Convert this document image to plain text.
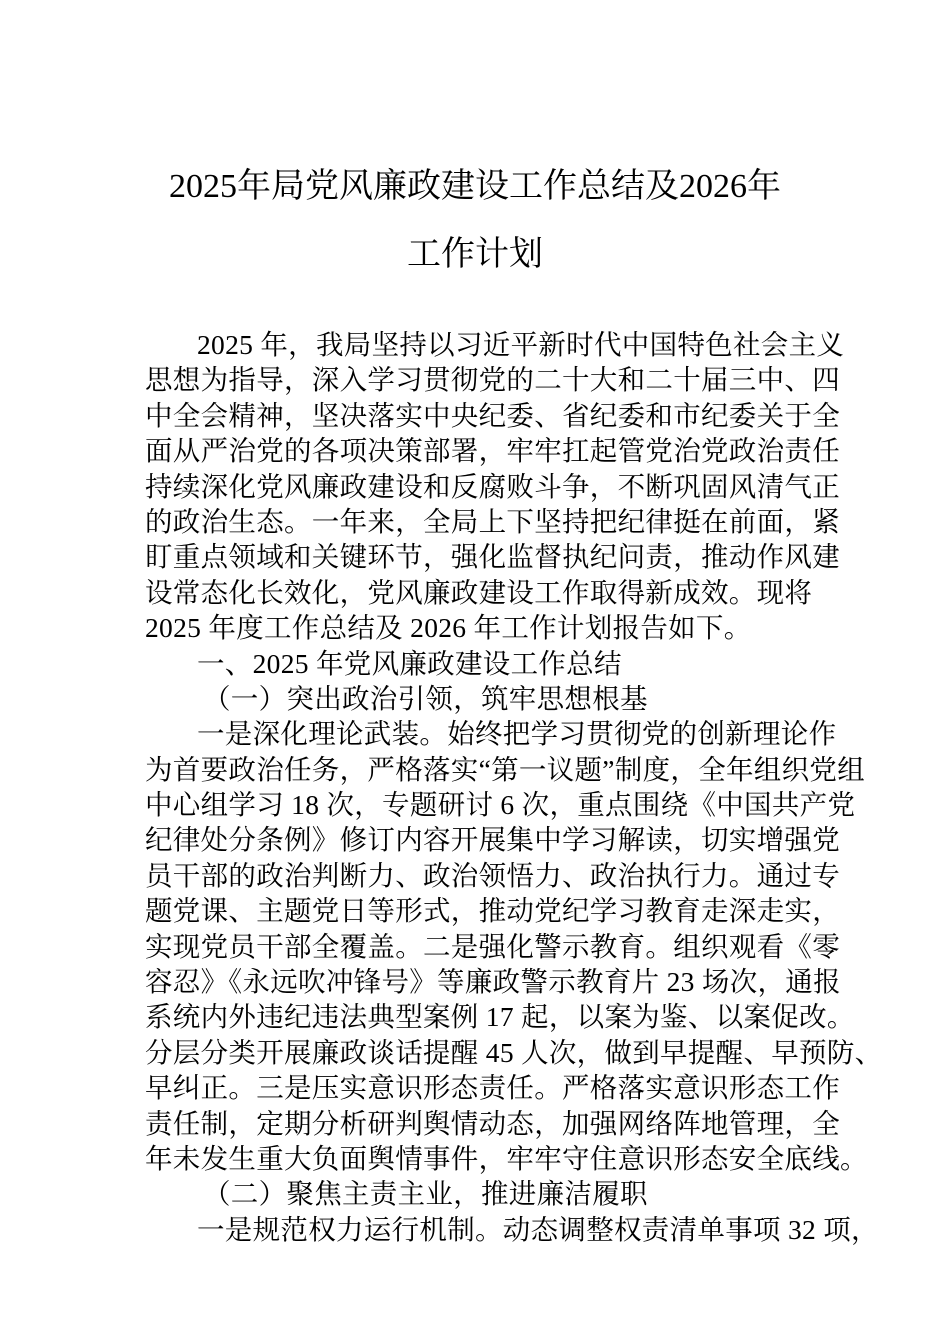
2025年局党风廉政建设工作总结及2026年
工作计划
2025 年，我局坚持以习近平新时代中国特色社会主义
思想为指导，深入学习贯彻党的二十大和二十届三中、四
中全会精神，坚决落实中央纪委、省纪委和市纪委关于全
面从严治党的各项决策部署，牢牢扛起管党治党政治责任
持续深化党风廉政建设和反腐败斗争，不断巩固风清气正
的政治生态。一年来，全局上下坚持把纪律挺在前面，紧
盯重点领域和关键环节，强化监督执纪问责，推动作风建
设常态化长效化，党风廉政建设工作取得新成效。现将
2025 年度工作总结及 2026 年工作计划报告如下。
一、2025 年党风廉政建设工作总结
（一）突出政治引领，筑牢思想根基
一是深化理论武装。始终把学习贯彻党的创新理论作
为首要政治任务，严格落实“第一议题”制度，全年组织党组
中心组学习 18 次，专题研讨 6 次，重点围绕《中国共产党
纪律处分条例》修订内容开展集中学习解读，切实增强党
员干部的政治判断力、政治领悟力、政治执行力。通过专
题党课、主题党日等形式，推动党纪学习教育走深走实，
实现党员干部全覆盖。二是强化警示教育。组织观看《零
容忍》《永远吹冲锋号》等廉政警示教育片 23 场次，通报
系统内外违纪违法典型案例 17 起，以案为鉴、以案促改。
分层分类开展廉政谈话提醒 45 人次，做到早提醒、早预防、
早纠正。三是压实意识形态责任。严格落实意识形态工作
责任制，定期分析研判舆情动态，加强网络阵地管理，全
年未发生重大负面舆情事件，牢牢守住意识形态安全底线。
（二）聚焦主责主业，推进廉洁履职
一是规范权力运行机制。动态调整权责清单事项 32 项，
